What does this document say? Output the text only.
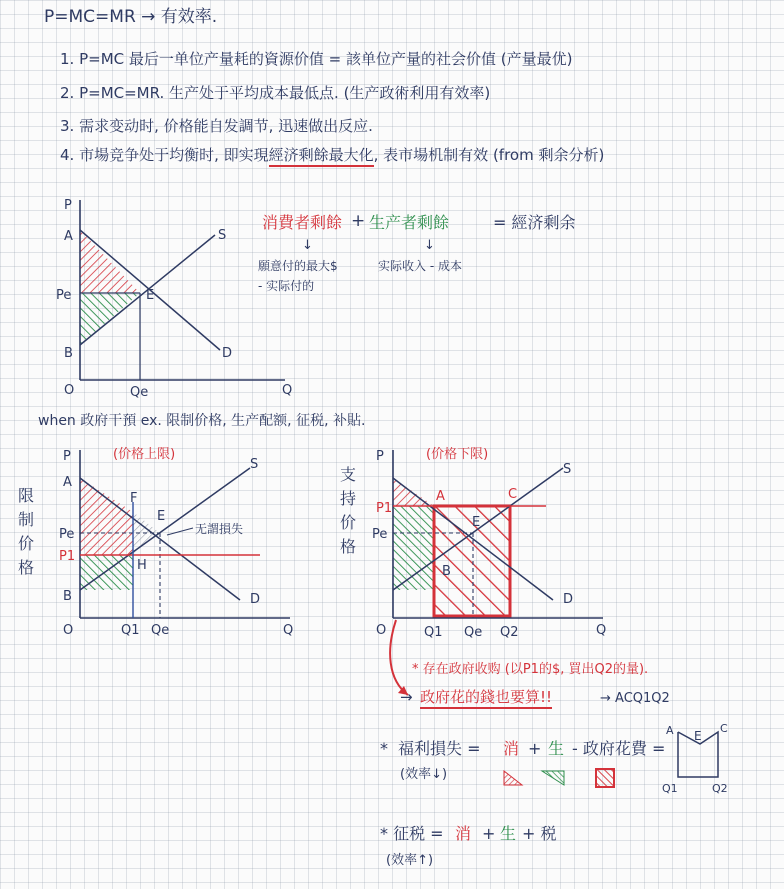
P=MC=MR → 有效率.
1. P=MC 最后一单位产量耗的資源价值 = 該单位产量的社会价值 (产量最优)
2. P=MC=MR. 生产处于平均成本最低点. (生产政術利用有效率)
3. 需求变动时, 价格能自发調节, 迅速做出反应.
4. 市場竞争处于均衡时, 即实現經济剩餘最大化, 表市場机制有效 (from 剩余分析)
P
A
Pe
B
O	Qe	Q
S
D
E
消費者剩餘 + 生产者剩餘	= 經济剩余
↓	↓
願意付的最大$
- 实际付的
实际收入 - 成本
when 政府干預 ex. 限制价格, 生产配额, 征税, 补貼.
限
制
价
格
P
A
F
E
Pe
P1
H
B
O	Q1 Qe	Q
S
D
(价格上限)
无謂損失
支
持
价
格
P
P1
Pe
A	C
E
B
O	Q1 Qe Q2	Q
S
D
(价格下限)
* 存在政府收购 (以P1的$, 買出Q2的量).
→ 政府花的錢也要算!!	→ ACQ1Q2
* 福利損失 = 消 + 生 - 政府花費 =
(效率↓)
A E
C
Q1	Q2
* 征税 = 消 + 生 + 税
(效率↑)
